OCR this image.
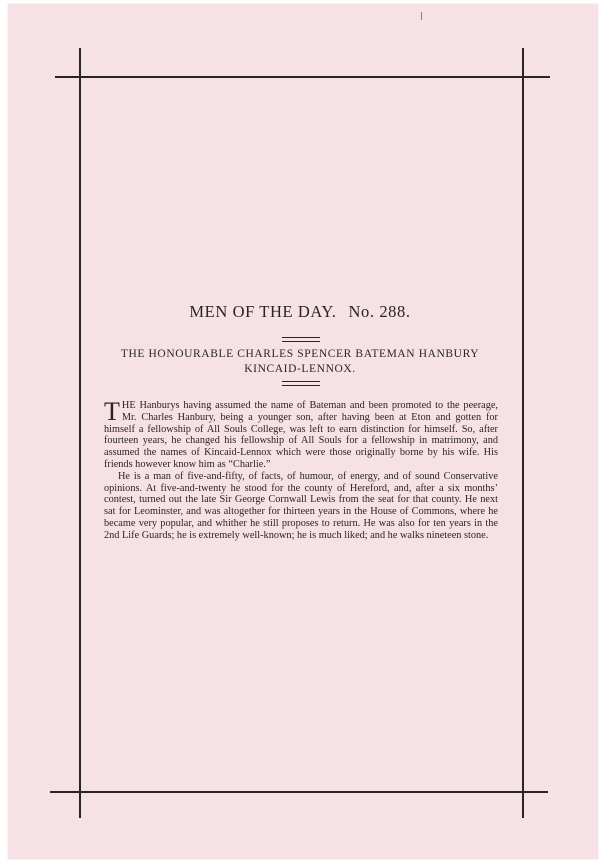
MEN OF THE DAY. No. 288.
THE HONOURABLE CHARLES SPENCER BATEMAN HANBURY
KINCAID-LENNOX.

THE Hanburys having assumed the name of Bateman and been promoted to the peerage, Mr. Charles Hanbury, being a younger son, after having been at Eton and gotten for himself a fellowship of All Souls College, was left to earn distinction for himself. So, after fourteen years, he changed his fellowship of All Souls for a fellowship in matrimony, and assumed the names of Kincaid-Lennox which were those originally borne by his wife. His friends however know him as “Charlie.”

He is a man of five-and-fifty, of facts, of humour, of energy, and of sound Conservative opinions. At five-and-twenty he stood for the county of Hereford, and, after a six months’ contest, turned out the late Sir George Cornwall Lewis from the seat for that county. He next sat for Leominster, and was altogether for thirteen years in the House of Commons, where he became very popular, and whither he still proposes to return. He was also for ten years in the 2nd Life Guards; he is extremely well-known; he is much liked; and he walks nineteen stone.
